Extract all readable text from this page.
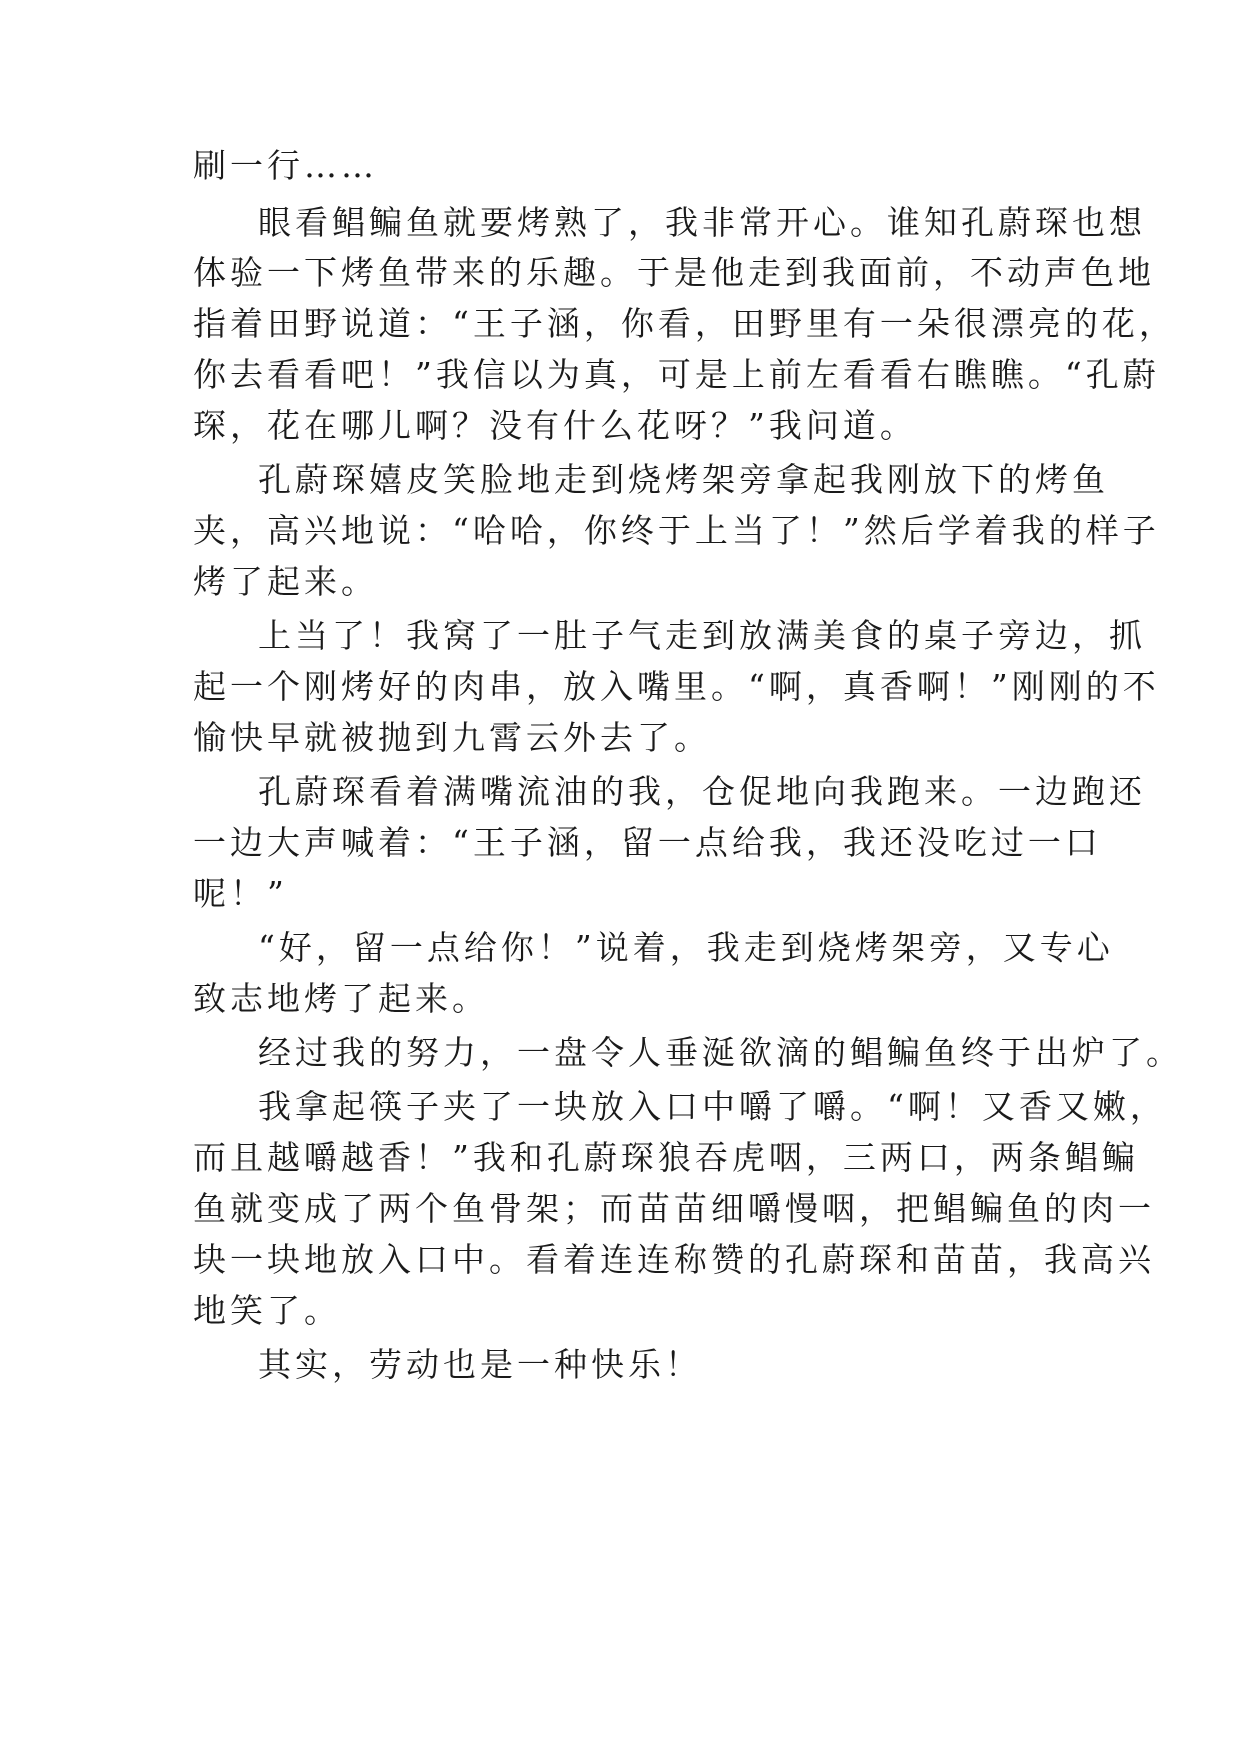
刷一行……

眼看鲳鳊鱼就要烤熟了，我非常开心。谁知孔蔚琛也想

体验一下烤鱼带来的乐趣。于是他走到我面前，不动声色地

指着田野说道：“王子涵，你看，田野里有一朵很漂亮的花，

你去看看吧！”我信以为真，可是上前左看看右瞧瞧。“孔蔚

琛，花在哪儿啊？没有什么花呀？”我问道。

孔蔚琛嬉皮笑脸地走到烧烤架旁拿起我刚放下的烤鱼

夹，高兴地说：“哈哈，你终于上当了！”然后学着我的样子

烤了起来。

上当了！我窝了一肚子气走到放满美食的桌子旁边，抓

起一个刚烤好的肉串，放入嘴里。“啊，真香啊！”刚刚的不

愉快早就被抛到九霄云外去了。

孔蔚琛看着满嘴流油的我，仓促地向我跑来。一边跑还

一边大声喊着：“王子涵，留一点给我，我还没吃过一口

呢！”

“好，留一点给你！”说着，我走到烧烤架旁，又专心

致志地烤了起来。

经过我的努力，一盘令人垂涎欲滴的鲳鳊鱼终于出炉了。

我拿起筷子夹了一块放入口中嚼了嚼。“啊！又香又嫩，

而且越嚼越香！”我和孔蔚琛狼吞虎咽，三两口，两条鲳鳊

鱼就变成了两个鱼骨架；而苗苗细嚼慢咽，把鲳鳊鱼的肉一

块一块地放入口中。看着连连称赞的孔蔚琛和苗苗，我高兴

地笑了。

其实，劳动也是一种快乐！
